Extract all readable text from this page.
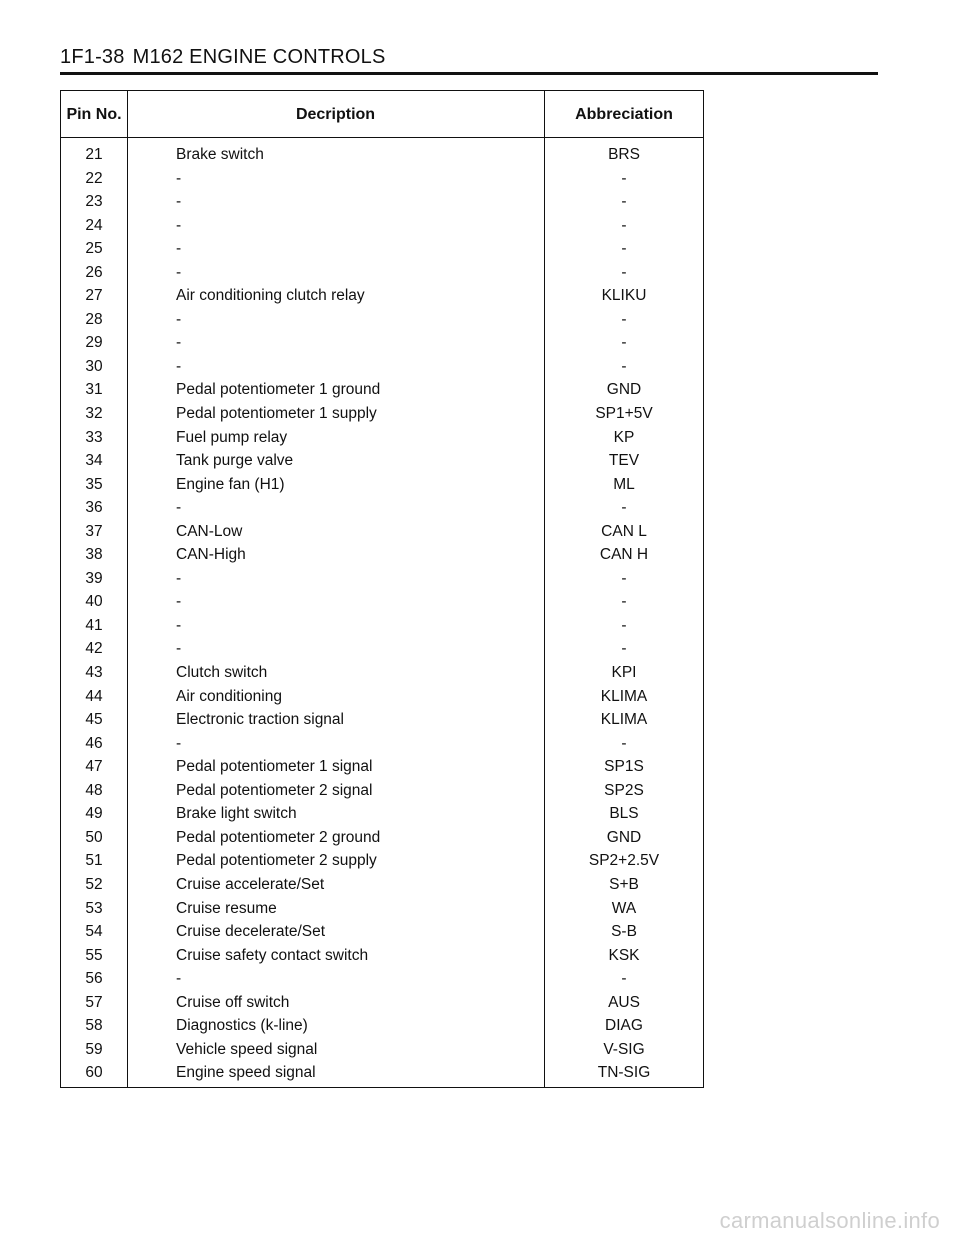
1F1-38 M162 ENGINE CONTROLS
Pin No.	Decription	Abbreciation
21	Brake switch	BRS
22	-	-
23	-	-
24	-	-
25	-	-
26	-	-
27	Air conditioning clutch relay	KLIKU
28	-	-
29	-	-
30	-	-
31	Pedal potentiometer 1 ground	GND
32	Pedal potentiometer 1 supply	SP1+5V
33	Fuel pump relay	KP
34	Tank purge valve	TEV
35	Engine fan (H1)	ML
36	-	-
37	CAN-Low	CAN L
38	CAN-High	CAN H
39	-	-
40	-	-
41	-	-
42	-	-
43	Clutch switch	KPI
44	Air conditioning	KLIMA
45	Electronic traction signal	KLIMA
46	-	-
47	Pedal potentiometer 1 signal	SP1S
48	Pedal potentiometer 2 signal	SP2S
49	Brake light switch	BLS
50	Pedal potentiometer 2 ground	GND
51	Pedal potentiometer 2 supply	SP2+2.5V
52	Cruise accelerate/Set	S+B
53	Cruise resume	WA
54	Cruise decelerate/Set	S-B
55	Cruise safety contact switch	KSK
56	-	-
57	Cruise off switch	AUS
58	Diagnostics (k-line)	DIAG
59	Vehicle speed signal	V-SIG
60	Engine speed signal	TN-SIG
carmanualsonline.info
